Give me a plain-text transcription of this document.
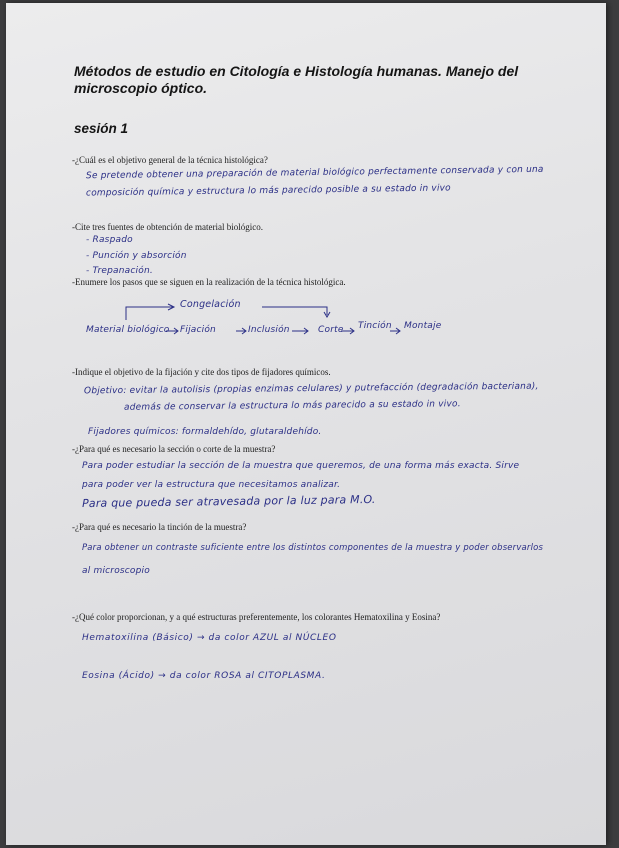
Métodos de estudio en Citología e Histología humanas. Manejo del microscopio óptico.
sesión 1
-¿Cuál es el objetivo general de la técnica histológica?
Se pretende obtener una preparación de material biológico perfectamente conservada y con una
composición química y estructura lo más parecido posible a su estado in vivo
-Cite tres fuentes de obtención de material biológico.
- Raspado
- Punción y absorción
- Trepanación.
-Enumere los pasos que se siguen en la realización de la técnica histológica.
Congelación
Material biológico Fijación	Inclusión	Corte Tinción Montaje
-Indique el objetivo de la fijación y cite dos tipos de fijadores químicos.
Objetivo: evitar la autolisis (propias enzimas celulares) y putrefacción (degradación bacteriana),
además de conservar la estructura lo más parecido a su estado in vivo.
Fijadores químicos: formaldehído, glutaraldehído.
-¿Para qué es necesario la sección o corte de la muestra?
Para poder estudiar la sección de la muestra que queremos, de una forma más exacta. Sirve
para poder ver la estructura que necesitamos analizar.
Para que pueda ser atravesada por la luz para M.O.
-¿Para qué es necesario la tinción de la muestra?
Para obtener un contraste suficiente entre los distintos componentes de la muestra y poder observarlos
al microscopio
-¿Qué color proporcionan, y a qué estructuras preferentemente, los colorantes Hematoxilina y Eosina?
Hematoxilina (Básico) → da color AZUL al NÚCLEO
Eosina (Ácido) → da color ROSA al CITOPLASMA.
